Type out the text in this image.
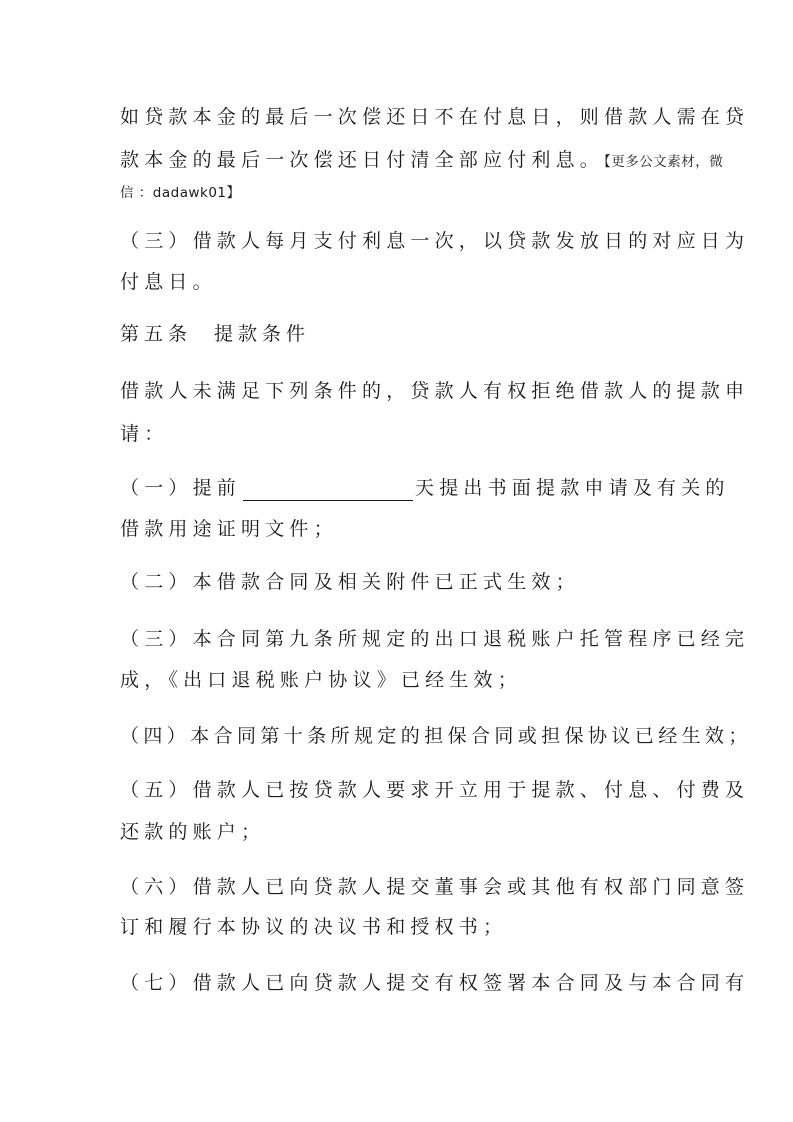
如贷款本金的最后一次偿还日不在付息日，则借款人需在贷

款本金的最后一次偿还日付清全部应付利息。【更多公文素材，微

信 ：dadawk01】

（三）借款人每月支付利息一次，以贷款发放日的对应日为

付息日。

第五条 提款条件

借款人未满足下列条件的，贷款人有权拒绝借款人的提款申

请：

（一）提前	天提出书面提款申请及有关的

借款用途证明文件；

（二）本借款合同及相关附件已正式生效；

（三）本合同第九条所规定的出口退税账户托管程序已经完

成，《出口退税账户协议》已经生效；

（四）本合同第十条所规定的担保合同或担保协议已经生效；

（五）借款人已按贷款人要求开立用于提款、付息、付费及

还款的账户；

（六）借款人已向贷款人提交董事会或其他有权部门同意签

订和履行本协议的决议书和授权书；

（七）借款人已向贷款人提交有权签署本合同及与本合同有
